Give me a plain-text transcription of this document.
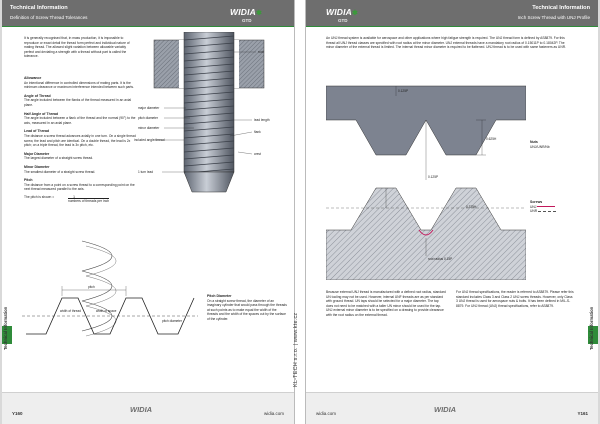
Technical Information
Definition of Screw Thread Tolerances
WIDIA✱
GTD
It is generally recognised that, in mass production, it is impossible to reproduce or exact detail the thread form perfect and individual nature of mating thread. The allowed slight variation between allowable variably perfect and deviating a strength with a thread without part is called the tolerance.
Allowance
An intentional difference in controlled dimensions of mating parts. It is the minimum clearance or maximum interference intended between such parts.
Angle of Thread
The angle included between the flanks of the thread measured in an axial plane.
Half Angle of Thread
The angle included between a flank of the thread and the normal (90°) to the axis, measured in an axial plane.
Lead of Thread
The distance a screw thread advances axially in one turn. On a single thread screw, the lead and pitch are identical. On a double thread, the lead is 2x pitch; on a triple thread, the lead is 3x pitch, etc.
Major Diameter
The largest diameter of a straight screw thread.
Minor Diameter
The smallest diameter of a straight screw thread.
Pitch
The distance from a point on a screw thread to a corresponding point on the next thread measured parallel to the axis.
The pitch is shown =	1
numbers of threads per inch
root
major diameter
pitch diameter
minor diameter
lead length
included angle thread
flank
crest
1 turn lead
pitch
width of thread	width of space
pitch diameter
Pitch Diameter
On a straight screw thread, the diameter of an imaginary cylinder that would pass through the threads at such points as to make equal the width of the threads and the width of the spaces cut by the surface of the cylinder.
Technical Information
Y160	WIDIA	widia.com
KL-TECH s.r.o. | www.kte.cz
WIDIA✱
GTD
Technical Information
Inch Screw Thread with UNJ Profile
An UNJ thread system is available for aerospace and other applications where high fatigue strength is required. The UNJ thread form is defined by AS8879. For this thread all UNJ thread classes are specified with root radius at the minor diameter. UNJ external threads have a mandatory root radius of 0.15011P to 0.18042P. The minor diameter of the external thread is limited. The internal thread minor diameter is required to be flattened. UNJ thread is to be used with same fasteners as UNR.
0.125P
0.625H
0.125P
0.375H
root radius 0.15P
Nuts
UNJ/UNR/Nb
Screws
UNJ
UNR
Because external UNJ thread is manufactured with a defined root radius, standard UN tooling may not be used. However, internal UNF threads are as per standard with ground thread. UN taps should be selected for a major diameter. The tap does not need to be matched with a taller UN minor should be used for the tap. UNJ external minor diameter is to be specified on a drawing to provide clearance with the root radius on the external thread.
For UNJ thread specifications, the reader is referred to AS8879. Please refer this standard includes Class 3 and Class 2 UNJ screw threads. However, only Class 3 UNJ thread is used for aerospace nuts & bolts. It has been defined in MIL-S-8879. For UNJ thread (UNJ) thread specifications, refer to AS8879.
Technical Information
widia.com	WIDIA	Y161
